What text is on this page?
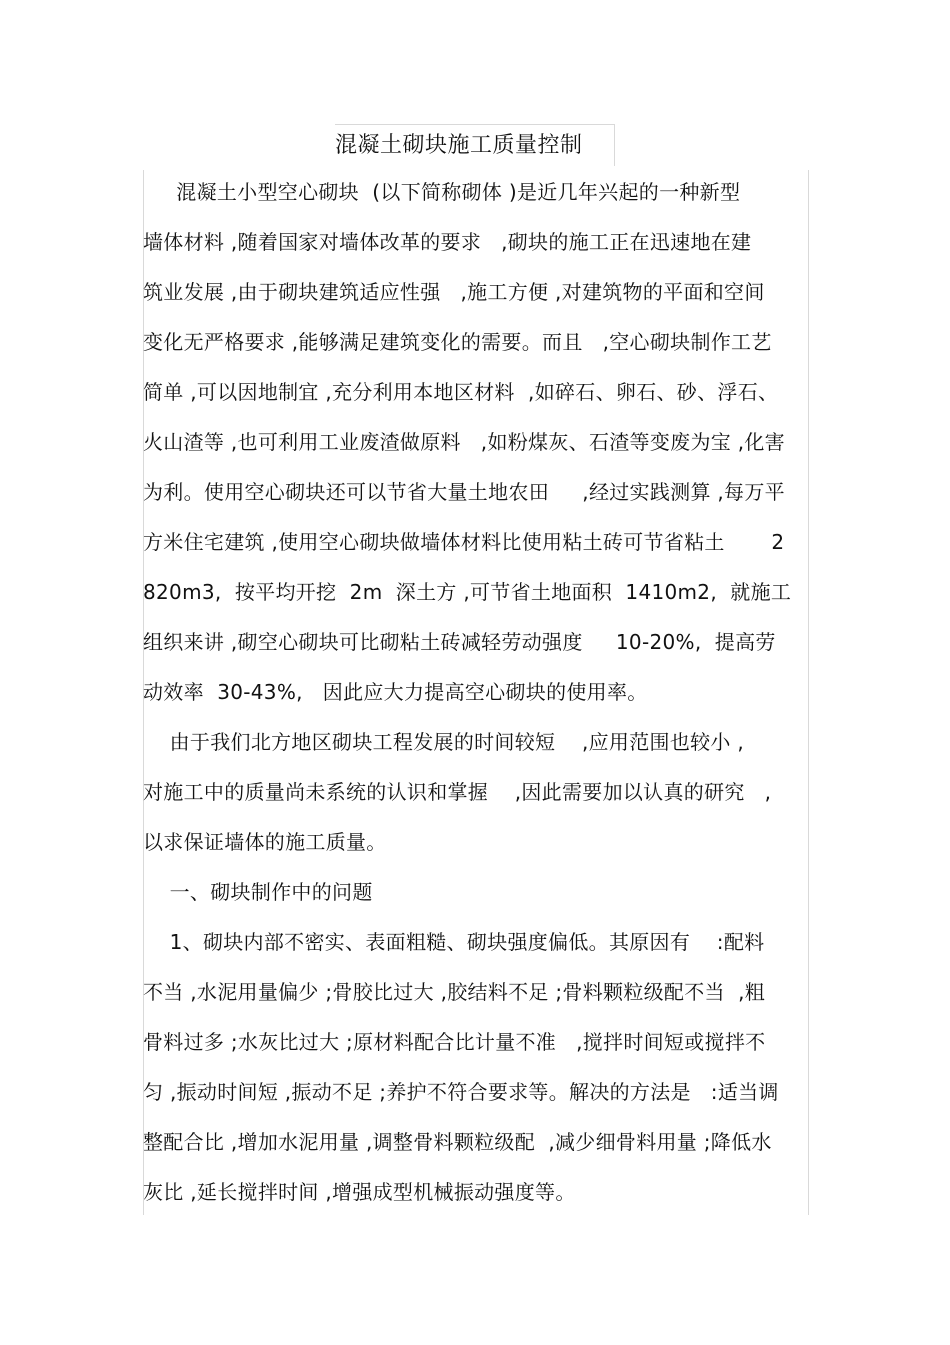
混凝土砌块施工质量控制
混凝土小型空心砌块  (以下简称砌体 )是近几年兴起的一种新型
墙体材料 ,随着国家对墙体改革的要求   ,砌块的施工正在迅速地在建
筑业发展 ,由于砌块建筑适应性强   ,施工方便 ,对建筑物的平面和空间
变化无严格要求 ,能够满足建筑变化的需要。而且   ,空心砌块制作工艺
简单 ,可以因地制宜 ,充分利用本地区材料  ,如碎石、卵石、砂、浮石、
火山渣等 ,也可利用工业废渣做原料   ,如粉煤灰、石渣等变废为宝 ,化害
为利。使用空心砌块还可以节省大量土地农田     ,经过实践测算 ,每万平
方米住宅建筑 ,使用空心砌块做墙体材料比使用粘土砖可节省粘土       2
820m3,  按平均开挖  2m  深土方 ,可节省土地面积  1410m2,  就施工
组织来讲 ,砌空心砌块可比砌粘土砖减轻劳动强度     10-20%,  提高劳
动效率  30-43%,   因此应大力提高空心砌块的使用率。
由于我们北方地区砌块工程发展的时间较短    ,应用范围也较小 ,
对施工中的质量尚未系统的认识和掌握    ,因此需要加以认真的研究   ,
以求保证墙体的施工质量。
一、砌块制作中的问题
1、砌块内部不密实、表面粗糙、砌块强度偏低。其原因有    :配料
不当 ,水泥用量偏少 ;骨胶比过大 ,胶结料不足 ;骨料颗粒级配不当  ,粗
骨料过多 ;水灰比过大 ;原材料配合比计量不准   ,搅拌时间短或搅拌不
匀 ,振动时间短 ,振动不足 ;养护不符合要求等。解决的方法是   :适当调
整配合比 ,增加水泥用量 ,调整骨料颗粒级配  ,减少细骨料用量 ;降低水
灰比 ,延长搅拌时间 ,增强成型机械振动强度等。
